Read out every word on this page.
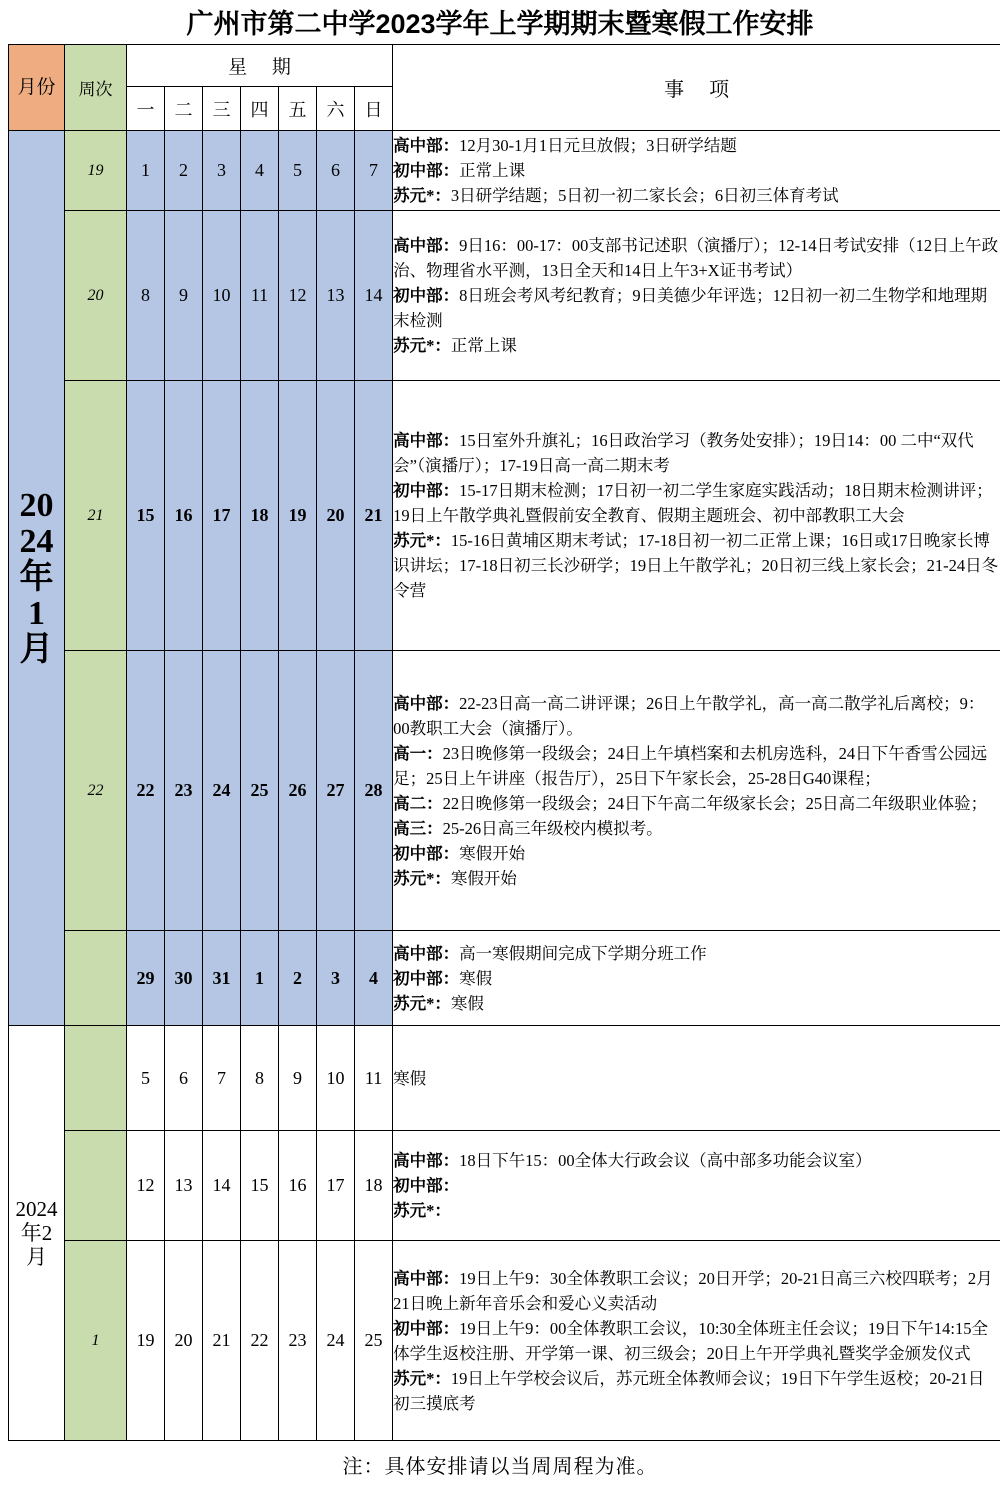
广州市第二中学2023学年上学期期末暨寒假工作安排
月份	周次	星 期							事 项
		一	二	三	四	五	六	日	
2024年1月	19	1	2	3	4	5	6	7	高中部：12月30-1月1日元旦放假；3日研学结题
初中部：正常上课
苏元*：3日研学结题；5日初一初二家长会；6日初三体育考试

	20	8	9	10	11	12	13	14	高中部：9日16：00-17：00支部书记述职（演播厅）；12-14日考试安排（12日上午政治、物理省水平测，13日全天和14日上午3+X证书考试）
初中部：8日班会考风考纪教育；9日美德少年评选；12日初一初二生物学和地理期末检测
苏元*：正常上课

	21	15	16	17	18	19	20	21	高中部：15日室外升旗礼；16日政治学习（教务处安排）；19日14：00 二中“双代会”（演播厅）；17-19日高一高二期末考
初中部：15-17日期末检测；17日初一初二学生家庭实践活动；18日期末检测讲评；19日上午散学典礼暨假前安全教育、假期主题班会、初中部教职工大会
苏元*：15-16日黄埔区期末考试；17-18日初一初二正常上课；16日或17日晚家长博识讲坛；17-18日初三长沙研学；19日上午散学礼；20日初三线上家长会；21-24日冬令营

22	22	23	24	25	26	27	28	
高中部：22-23日高一高二讲评课；26日上午散学礼，高一高二散学礼后离校；9：00教职工大会（演播厅）。
高一：23日晚修第一段级会；24日上午填档案和去机房选科，24日下午香雪公园远足；25日上午讲座（报告厅），25日下午家长会，25-28日G40课程；
高二：22日晚修第一段级会；24日下午高二年级家长会；25日高二年级职业体验；
高三：25-26日高三年级校内模拟考。
初中部：寒假开始
苏元*：寒假开始

		29	30	31	1	2	3	4	高中部：高一寒假期间完成下学期分班工作
初中部：寒假
苏元*：寒假

2024年2月		5	6	7	8	9	10	11	寒假

		12	13	14	15	16	17	18	高中部：18日下午15：00全体大行政会议（高中部多功能会议室）
初中部：
苏元*：

	1	19	20	21	22	23	24	25	高中部：19日上午9：30全体教职工会议；20日开学；20-21日高三六校四联考；2月21日晚上新年音乐会和爱心义卖活动
初中部：19日上午9：00全体教职工会议，10:30全体班主任会议；19日下午14:15全体学生返校注册、开学第一课、初三级会；20日上午开学典礼暨奖学金颁发仪式
苏元*：19日上午学校会议后，苏元班全体教师会议；19日下午学生返校；20-21日初三摸底考
注：具体安排请以当周周程为准。
